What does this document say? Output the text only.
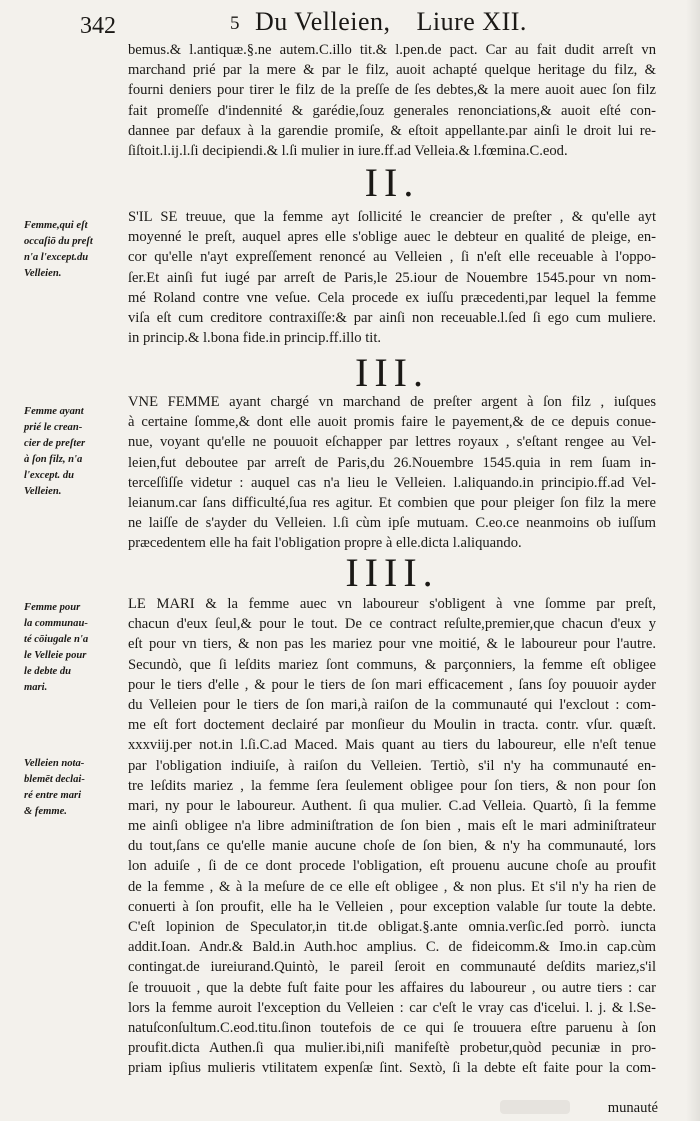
342	5 Du Velleien, Liure XII.
bemus.& l.antiquæ.§.ne autem.C.illo tit.& l.pen.de pact. Car au fait dudit arreſt vn
marchand prié par la mere & par le filz, auoit achapté quelque heritage du filz, &
fourni deniers pour tirer le filz de la preſſe de ſes debtes,& la mere auoit auec ſon filz
fait promeſſe d'indennité & garédie,ſouz generales renonciations,& auoit eſté con-
dannee par defaux à la garendie promiſe, & eſtoit appellante.par ainſi le droit lui re-
ſiſtoit.l.ij.l.ſi decipiendi.& l.ſi mulier in iure.ff.ad Velleia.& l.fœmina.C.eod.
II.
Femme,qui eſt
occaſiō du preſt
n'a l'except.du
Velleien.
S'IL SE treuue, que la femme ayt ſollicité le creancier de preſter , & qu'elle ayt
moyenné le preſt, auquel apres elle s'oblige auec le debteur en qualité de pleige, en-
cor qu'elle n'ayt expreſſement renoncé au Velleien , ſi n'eſt elle receuable à l'oppo-
ſer.Et ainſi fut iugé par arreſt de Paris,le 25.iour de Nouembre 1545.pour vn nom-
mé Roland contre vne veſue. Cela procede ex iuſſu præcedenti,par lequel la femme
viſa eſt cum creditore contraxiſſe:& par ainſi non receuable.l.ſed ſi ego cum muliere.
in princip.& l.bona fide.in princip.ff.illo tit.
III.
Femme ayant
prié le crean-
cier de preſter
à ſon filz, n'a
l'except. du
Velleien.
VNE FEMME ayant chargé vn marchand de preſter argent à ſon filz , iuſques
à certaine ſomme,& dont elle auoit promis faire le payement,& de ce depuis conue-
nue, voyant qu'elle ne pouuoit eſchapper par lettres royaux , s'eſtant rengee au Vel-
leien,fut deboutee par arreſt de Paris,du 26.Nouembre 1545.quia in rem ſuam in-
terceſſiſſe videtur : auquel cas n'a lieu le Velleien. l.aliquando.in principio.ff.ad Vel-
leianum.car ſans difficulté,ſua res agitur. Et combien que pour pleiger ſon filz la mere
ne laiſſe de s'ayder du Velleien. l.ſi cùm ipſe mutuam. C.eo.ce neanmoins ob iuſſum
præcedentem elle ha fait l'obligation propre à elle.dicta l.aliquando.
IIII.
Femme pour
la communau-
té cōiugale n'a
le Velleie pour
le debte du
mari.
Velleien nota-
blemēt declai-
ré entre mari
& femme.
LE MARI & la femme auec vn laboureur s'obligent à vne ſomme par preſt,
chacun d'eux ſeul,& pour le tout. De ce contract reſulte,premier,que chacun d'eux y
eſt pour vn tiers, & non pas les mariez pour vne moitié, & le laboureur pour l'autre.
Secundò, que ſi leſdits mariez ſont communs, & parçonniers, la femme eſt obligee
pour le tiers d'elle , & pour le tiers de ſon mari efficacement , ſans ſoy pouuoir ayder
du Velleien pour le tiers de ſon mari,à raiſon de la communauté qui l'exclout : com-
me eſt fort doctement declairé par monſieur du Moulin in tracta. contr. vſur. quæſt.
xxxviij.per not.in l.ſi.C.ad Maced. Mais quant au tiers du laboureur, elle n'eſt tenue
par l'obligation indiuiſe, à raiſon du Velleien. Tertiò, s'il n'y ha communauté en-
tre leſdits mariez , la femme ſera ſeulement obligee pour ſon tiers, & non pour ſon
mari, ny pour le laboureur. Authent. ſi qua mulier. C.ad Velleia. Quartò, ſi la femme
me ainſi obligee n'a libre adminiſtration de ſon bien , mais eſt le mari adminiſtrateur
du tout,ſans ce qu'elle manie aucune choſe de ſon bien, & n'y ha communauté, lors
lon aduiſe , ſi de ce dont procede l'obligation, eſt prouenu aucune choſe au proufit
de la femme , & à la meſure de ce elle eſt obligee , & non plus. Et s'il n'y ha rien de
conuerti à ſon proufit, elle ha le Velleien , pour exception valable ſur toute la debte.
C'eſt lopinion de Speculator,in tit.de obligat.§.ante omnia.verſic.ſed porrò. iuncta
addit.Ioan. Andr.& Bald.in Auth.hoc amplius. C. de fideicomm.& Imo.in cap.cùm
contingat.de iureiurand.Quintò, le pareil ſeroit en communauté deſdits mariez,s'il
ſe trouuoit , que la debte fuſt faite pour les affaires du laboureur , ou autre tiers : car
lors la femme auroit l'exception du Velleien : car c'eſt le vray cas d'icelui. l. j. & l.Se-
natuſconſultum.C.eod.titu.ſinon toutefois de ce qui ſe trouuera eſtre paruenu à ſon
proufit.dicta Authen.ſi qua mulier.ibi,niſi manifeſtè probetur,quòd pecuniæ in pro-
priam ipſius mulieris vtilitatem expenſæ ſint. Sextò, ſi la debte eſt faite pour la com-
munauté
